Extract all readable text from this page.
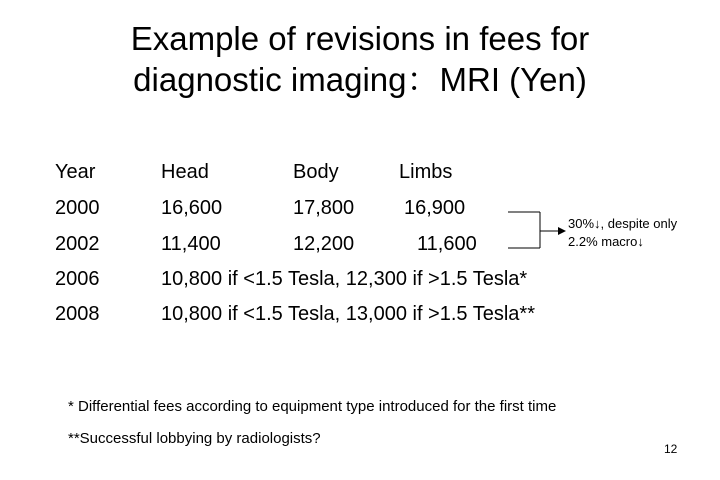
Example of revisions in fees for
diagnostic imaging：MRI (Yen)
Year	Head	Body	Limbs
2000	16,600	17,800 16,900
2002	11,400	12,200	11,600
2006	10,800 if <1.5 Tesla, 12,300 if >1.5 Tesla*
2008	10,800 if <1.5 Tesla, 13,000 if >1.5 Tesla**
30%↓, despite only
2.2% macro↓
* Differential fees according to equipment type introduced for the first time
**Successful lobbying by radiologists?
12
